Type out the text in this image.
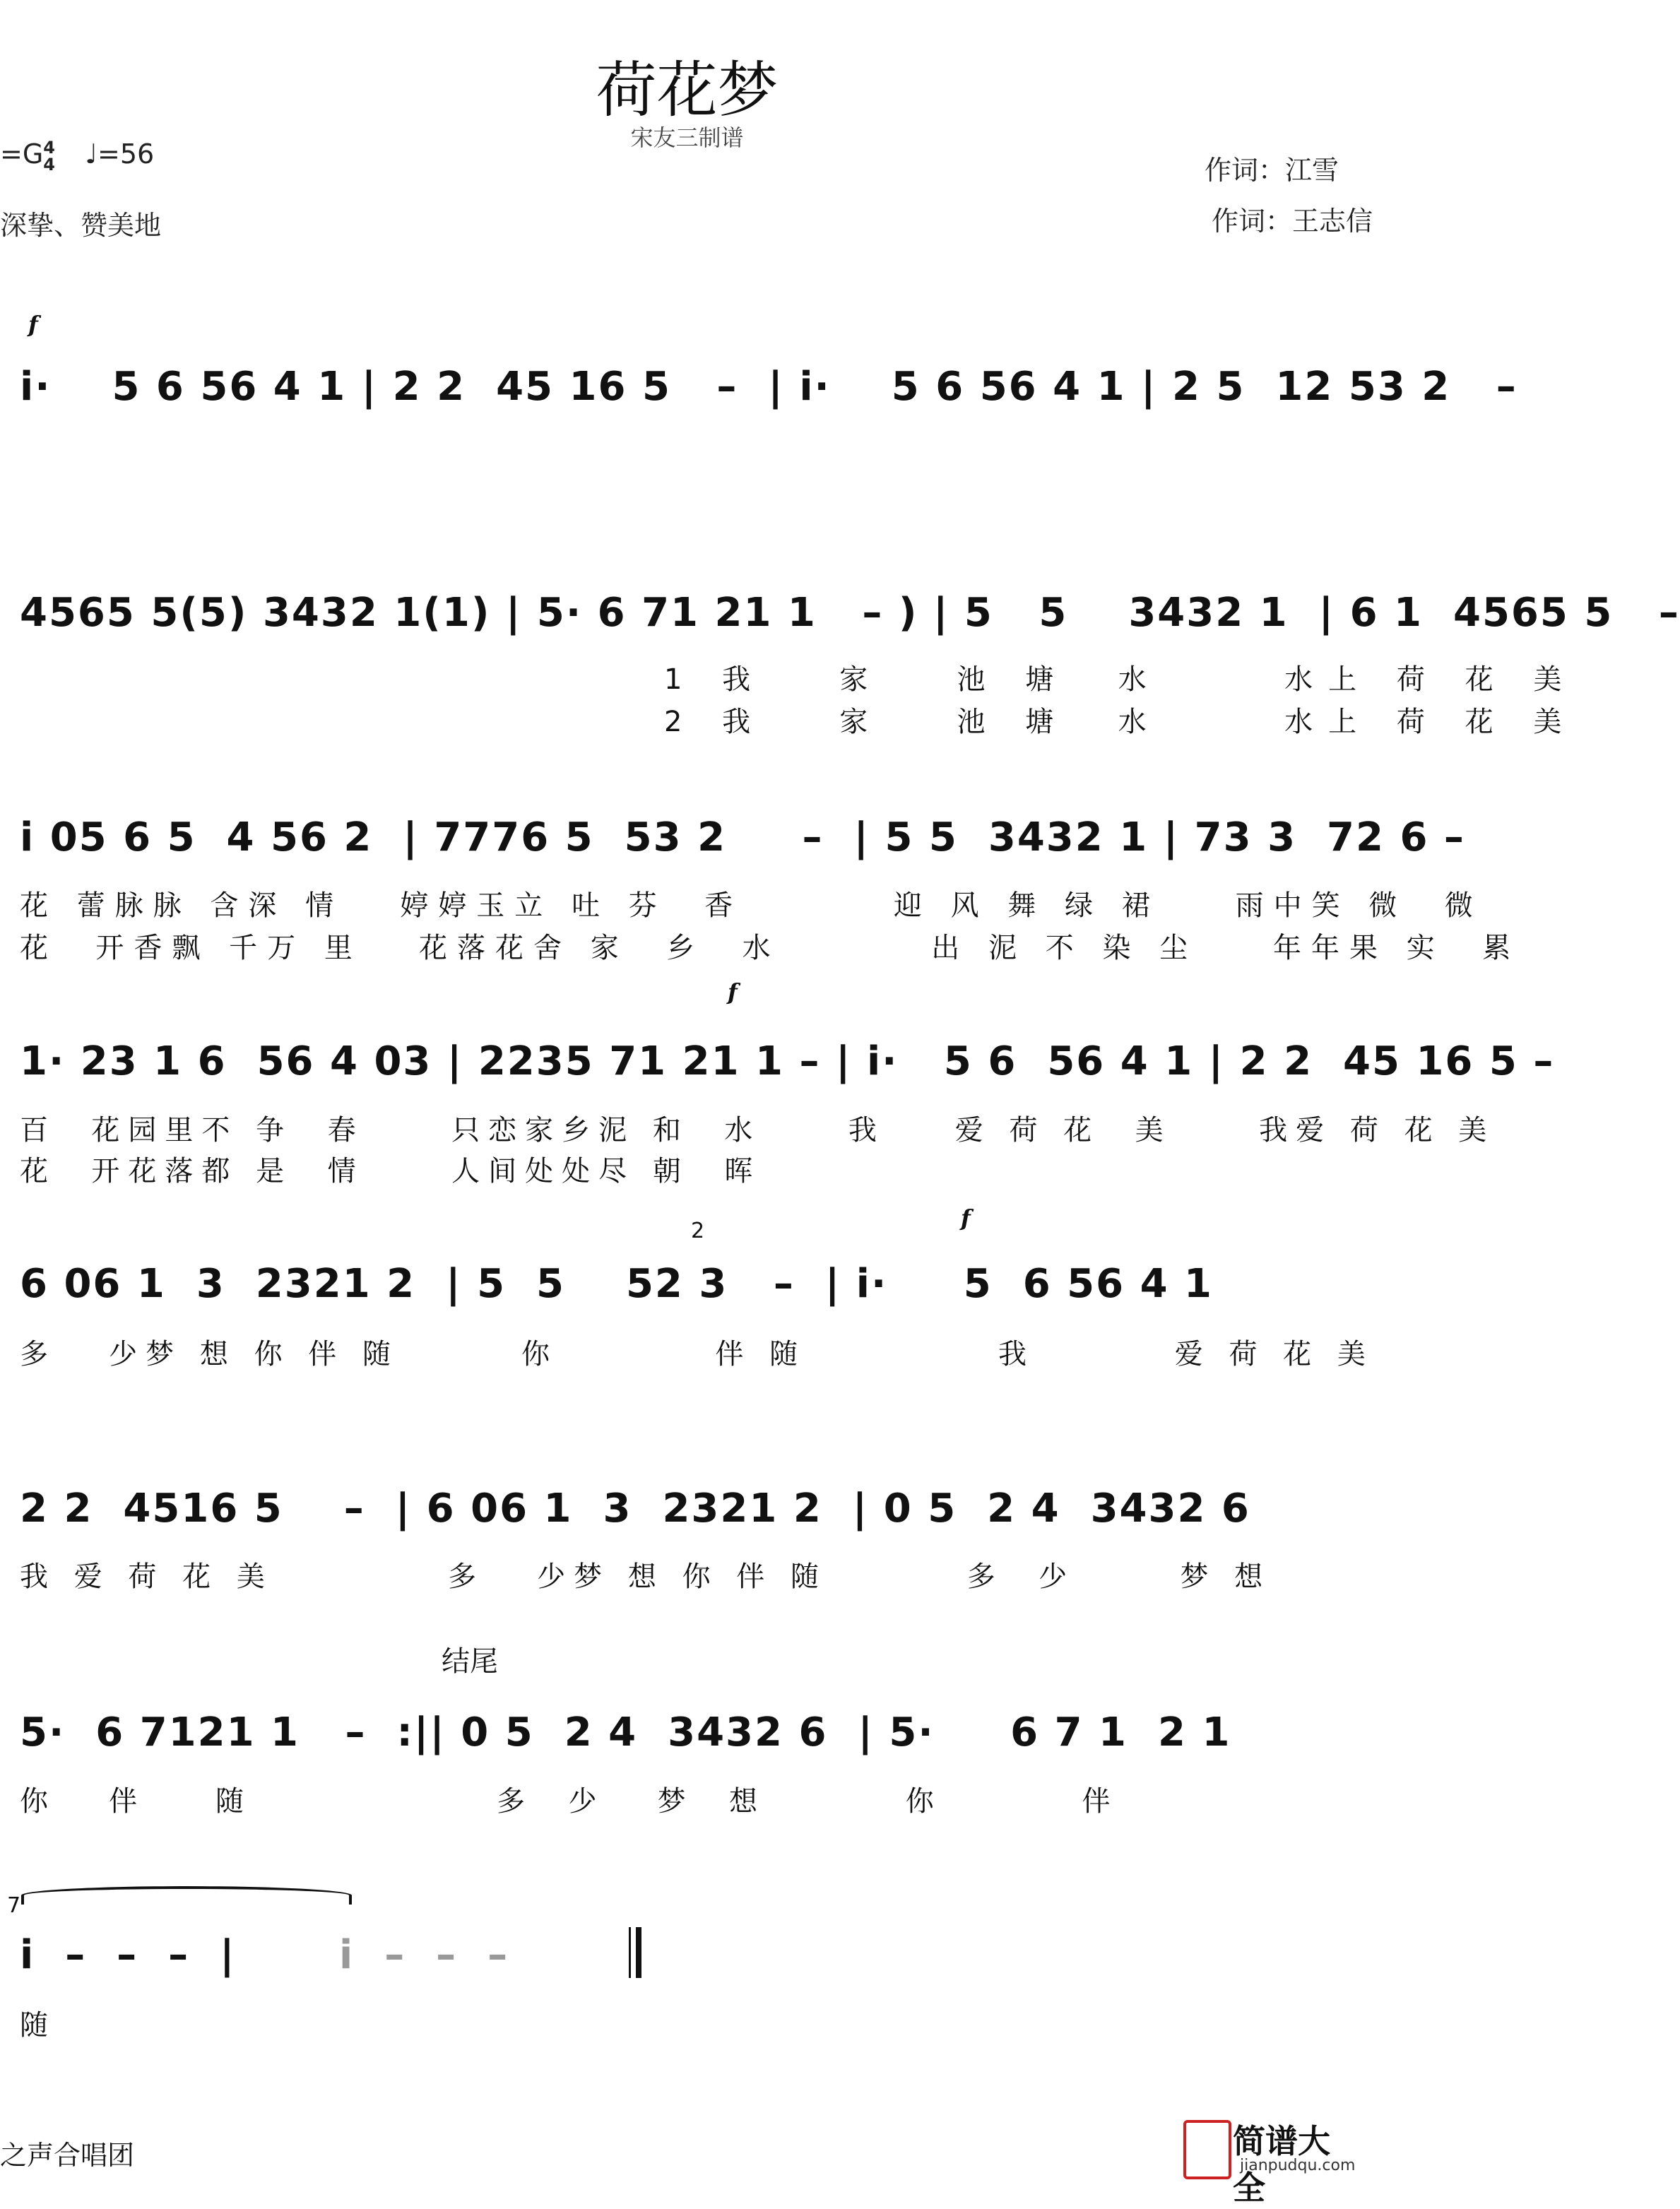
荷花梦
宋友三制谱
=G4
4 ♩=56
深挚、赞美地
作词：江雪
作词：王志信
f
i·    5 6 56 4 1 | 2 2  45 16 5   –  | i·    5 6 56 4 1 | 2 5  12 53 2   –
4565 5(5) 3432 1(1) | 5· 6 71 21 1   – ) | 5   5    3432 1  | 6 1  4565 5   –
1 我   家   池 塘  水     水上 荷 花 美
2 我   家   池 塘  水     水上 荷 花 美
i 05 6 5  4 56 2  | 7776 5  53 2     –  | 5 5  3432 1 | 73 3  72 6 –
花 蕾脉脉 含深 情   婷婷玉立 吐 芬  香        迎 风 舞 绿 裙    雨中笑 微  微
花  开香飘 千万 里   花落花舍 家  乡  水        出 泥 不 染 尘    年年果 实  累
f
1· 23 1 6  56 4 03 | 2235 71 21 1 – | i·   5 6  56 4 1 | 2 2  45 16 5 –
百  花园里不 争  春     只恋家乡泥 和  水     我    爱 荷 花  美     我爱 荷 花 美
花  开花落都 是  情     人间处处尽 朝  晖
2	f
6 06 1  3  2321 2  | 5  5    52 3   –  | i·     5  6 56 4 1
多   少梦 想 你 伴 随       你         伴 随           我        爱 荷 花 美
2 2  4516 5    –  | 6 06 1  3  2321 2  | 0 5  2 4  3432 6
我 爱 荷 花 美          多   少梦 想 你 伴 随        多  少      梦 想
结尾
5·  6 7121 1   –  :|| 0 5  2 4  3432 6  | 5·     6 7 1  2 1
你   伴    随              多  少   梦  想        你        伴
7
i  –  –  –  |	i  –  –  –
随
之声合唱团	简谱大全
jianpudqu.com
